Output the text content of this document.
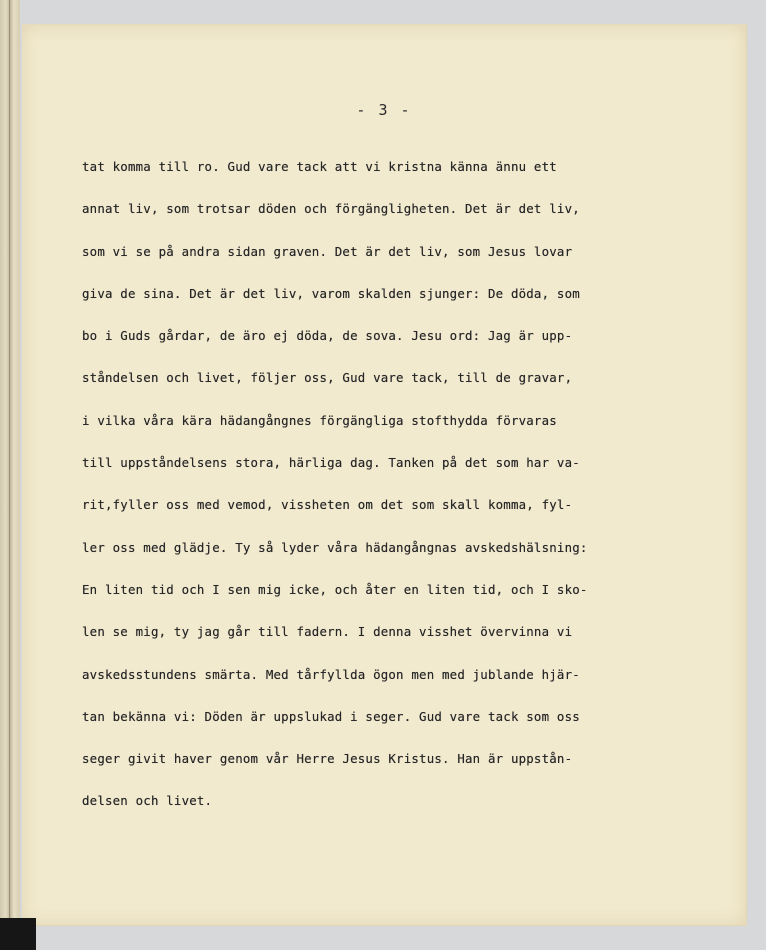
- 3 -
tat komma till ro. Gud vare tack att vi kristna känna ännu ett
annat liv, som trotsar döden och förgängligheten. Det är det liv,
som vi se på andra sidan graven. Det är det liv, som Jesus lovar
giva de sina. Det är det liv, varom skalden sjunger: De döda, som
bo i Guds gårdar, de äro ej döda, de sova. Jesu ord: Jag är upp-
ståndelsen och livet, följer oss, Gud vare tack, till de gravar,
i vilka våra kära hädangångnes förgängliga stofthydda förvaras
till uppståndelsens stora, härliga dag. Tanken på det som har va-
rit,fyller oss med vemod, vissheten om det som skall komma, fyl-
ler oss med glädje. Ty så lyder våra hädangångnas avskedshälsning:
En liten tid och I sen mig icke, och åter en liten tid, och I sko-
len se mig, ty jag går till fadern. I denna visshet övervinna vi
avskedsstundens smärta. Med tårfyllda ögon men med jublande hjär-
tan bekänna vi: Döden är uppslukad i seger. Gud vare tack som oss
seger givit haver genom vår Herre Jesus Kristus. Han är uppstån-
delsen och livet.
